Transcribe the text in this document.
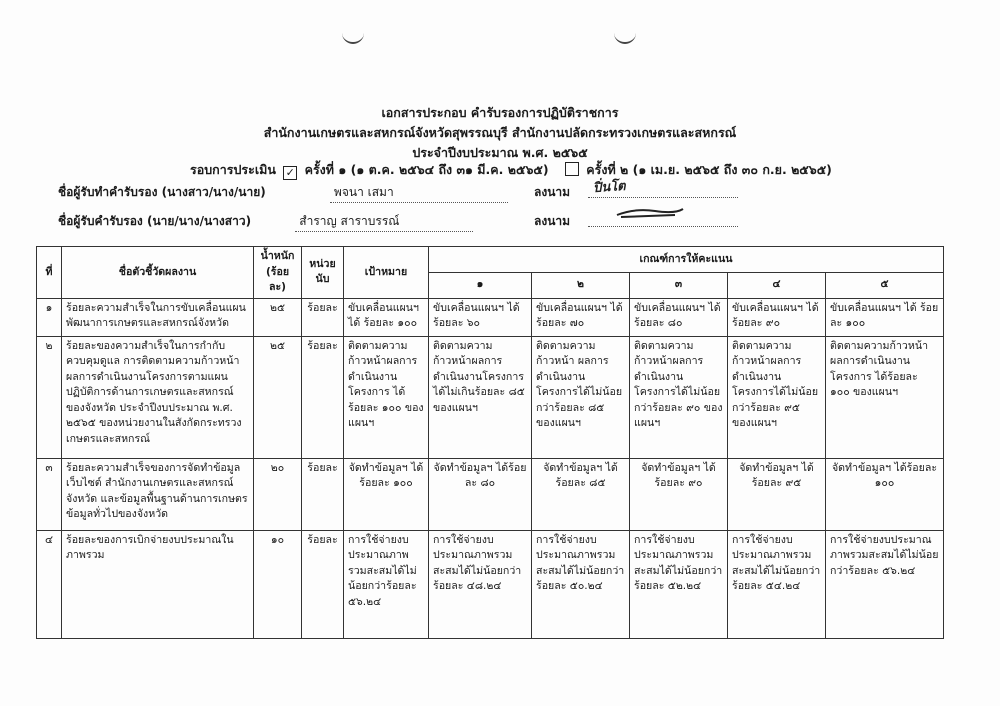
เอกสารประกอบ คำรับรองการปฏิบัติราชการ
สำนักงานเกษตรและสหกรณ์จังหวัดสุพรรณบุรี สำนักงานปลัดกระทรวงเกษตรและสหกรณ์
ประจำปีงบประมาณ พ.ศ. ๒๕๖๕
รอบการประเมิน ✓ ครั้งที่ ๑ (๑ ต.ค. ๒๕๖๔ ถึง ๓๑ มี.ค. ๒๕๖๕)	ครั้งที่ ๒ (๑ เม.ย. ๒๕๖๕ ถึง ๓๐ ก.ย. ๒๕๖๕)
ชื่อผู้รับทำคำรับรอง (นางสาว/นาง/นาย)	พจนา เสมา	ลงนาม ปิ่นโต
ชื่อผู้รับคำรับรอง (นาย/นาง/นางสาว)	สำราญ สาราบรรณ์	ลงนาม
ที่	ชื่อตัวชี้วัดผลงาน	น้ำหนัก (ร้อยละ)	หน่วยนับ	เป้าหมาย	เกณฑ์การให้คะแนน				
					๑	๒	๓	๔	๕
๑	ร้อยละความสำเร็จในการขับเคลื่อนแผนพัฒนาการเกษตรและสหกรณ์จังหวัด	๒๕	ร้อยละ	ขับเคลื่อนแผนฯ ได้ ร้อยละ ๑๐๐	ขับเคลื่อนแผนฯ ได้ ร้อยละ ๖๐	ขับเคลื่อนแผนฯ ได้ ร้อยละ ๗๐	ขับเคลื่อนแผนฯ ได้ ร้อยละ ๘๐	ขับเคลื่อนแผนฯ ได้ ร้อยละ ๙๐	ขับเคลื่อนแผนฯ ได้ ร้อยละ ๑๐๐
๒	ร้อยละของความสำเร็จในการกำกับ ควบคุมดูแล การติดตามความก้าวหน้าผลการดำเนินงานโครงการตามแผนปฏิบัติการด้านการเกษตรและสหกรณ์ของจังหวัด ประจำปีงบประมาณ พ.ศ. ๒๕๖๕ ของหน่วยงานในสังกัดกระทรวงเกษตรและสหกรณ์	๒๕	ร้อยละ	ติดตามความก้าวหน้าผลการดำเนินงานโครงการ ได้ ร้อยละ ๑๐๐ ของแผนฯ	ติดตามความก้าวหน้าผลการดำเนินงานโครงการได้ไม่เกินร้อยละ ๘๕ ของแผนฯ	ติดตามความก้าวหน้า ผลการดำเนินงานโครงการได้ไม่น้อยกว่าร้อยละ ๘๕ ของแผนฯ	ติดตามความก้าวหน้าผลการดำเนินงานโครงการได้ไม่น้อยกว่าร้อยละ ๙๐ ของแผนฯ	ติดตามความก้าวหน้าผลการดำเนินงานโครงการได้ไม่น้อยกว่าร้อยละ ๙๕ ของแผนฯ	ติดตามความก้าวหน้าผลการดำเนินงานโครงการ ได้ร้อยละ ๑๐๐ ของแผนฯ
๓	ร้อยละความสำเร็จของการจัดทำข้อมูลเว็บไซต์ สำนักงานเกษตรและสหกรณ์จังหวัด และข้อมูลพื้นฐานด้านการเกษตรข้อมูลทั่วไปของจังหวัด	๒๐	ร้อยละ	จัดทำข้อมูลฯ ได้ร้อยละ ๑๐๐	จัดทำข้อมูลฯ ได้ร้อยละ ๘๐	จัดทำข้อมูลฯ ได้ร้อยละ ๘๕	จัดทำข้อมูลฯ ได้ร้อยละ ๙๐	จัดทำข้อมูลฯ ได้ร้อยละ ๙๕	จัดทำข้อมูลฯ ได้ร้อยละ ๑๐๐
๔	ร้อยละของการเบิกจ่ายงบประมาณในภาพรวม	๑๐	ร้อยละ	การใช้จ่ายงบประมาณภาพรวมสะสมได้ไม่น้อยกว่าร้อยละ ๕๖.๒๔	การใช้จ่ายงบประมาณภาพรวมสะสมได้ไม่น้อยกว่าร้อยละ ๔๘.๒๔	การใช้จ่ายงบประมาณภาพรวมสะสมได้ไม่น้อยกว่าร้อยละ ๕๐.๒๔	การใช้จ่ายงบประมาณภาพรวมสะสมได้ไม่น้อยกว่าร้อยละ ๕๒.๒๔	การใช้จ่ายงบประมาณภาพรวมสะสมได้ไม่น้อยกว่าร้อยละ ๕๔.๒๔	การใช้จ่ายงบประมาณภาพรวมสะสมได้ไม่น้อยกว่าร้อยละ ๕๖.๒๔
